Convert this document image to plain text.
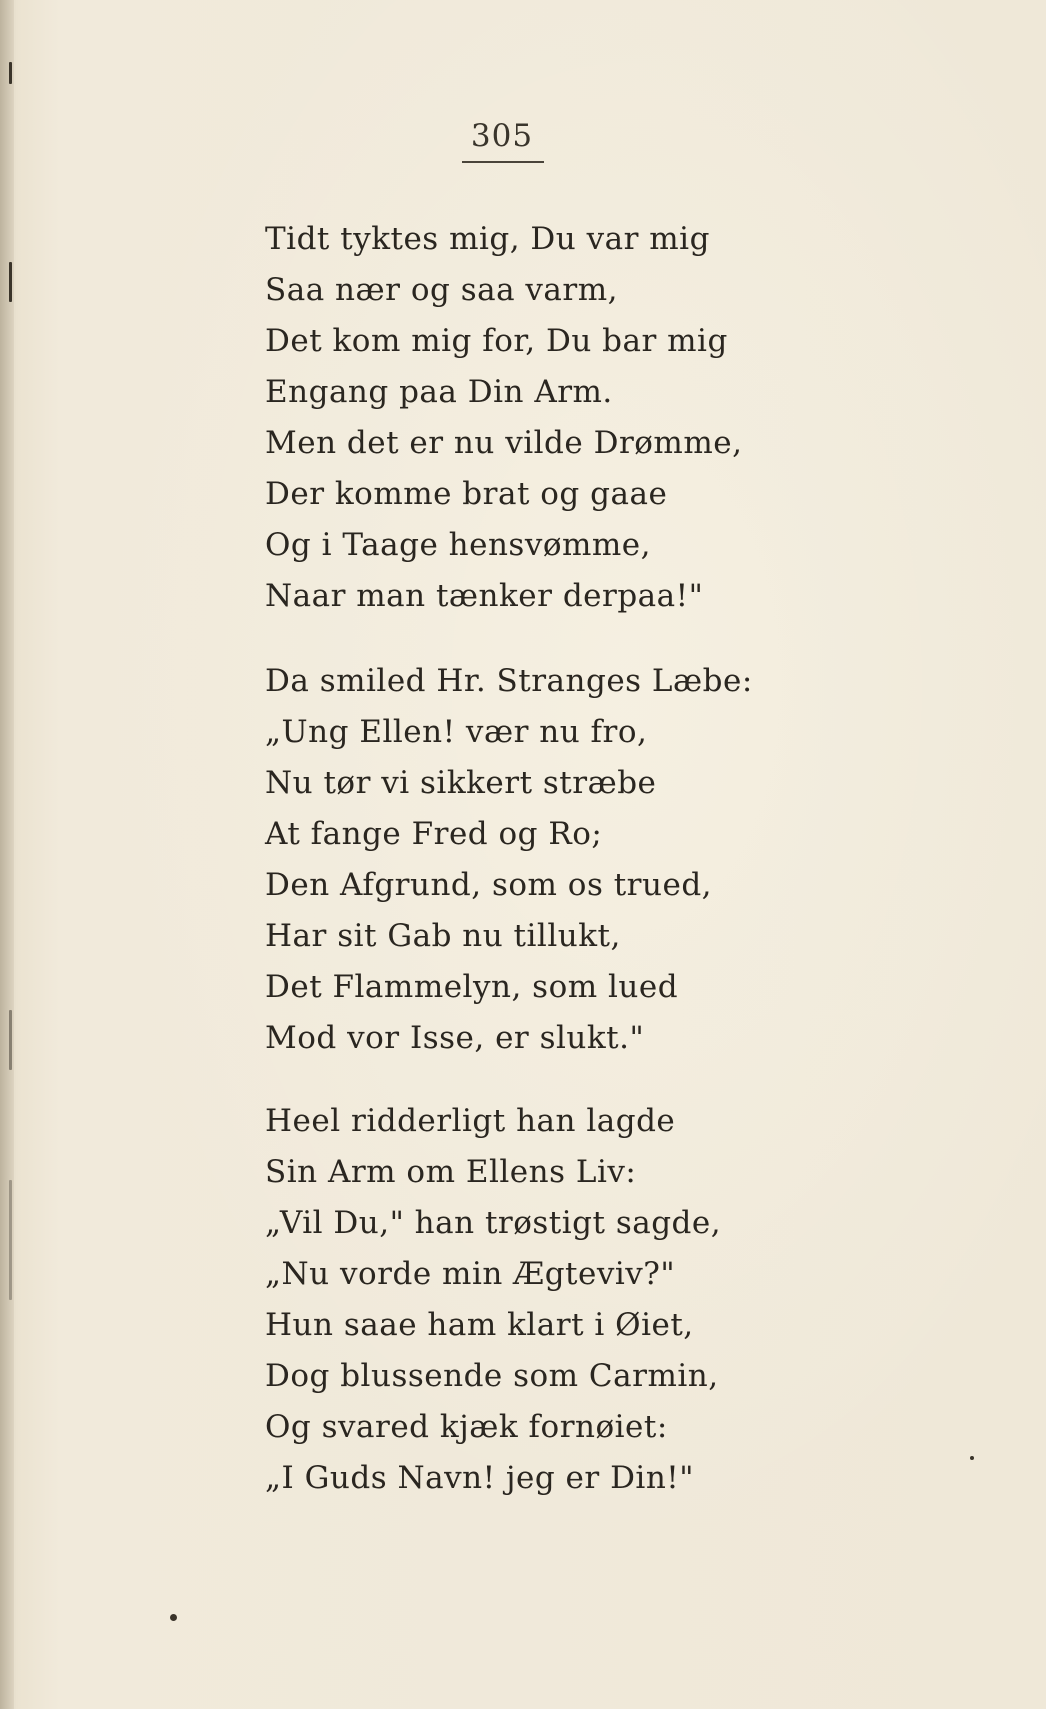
305
Tidt tyktes mig, Du var mig
Saa nær og saa varm,
Det kom mig for, Du bar mig
Engang paa Din Arm.
Men det er nu vilde Drømme,
Der komme brat og gaae
Og i Taage hensvømme,
Naar man tænker derpaa!"
Da smiled Hr. Stranges Læbe:
„Ung Ellen! vær nu fro,
Nu tør vi sikkert stræbe
At fange Fred og Ro;
Den Afgrund, som os trued,
Har sit Gab nu tillukt,
Det Flammelyn, som lued
Mod vor Isse, er slukt."
Heel ridderligt han lagde
Sin Arm om Ellens Liv:
„Vil Du," han trøstigt sagde,
„Nu vorde min Ægteviv?"
Hun saae ham klart i Øiet,
Dog blussende som Carmin,
Og svared kjæk fornøiet:
„I Guds Navn! jeg er Din!"
